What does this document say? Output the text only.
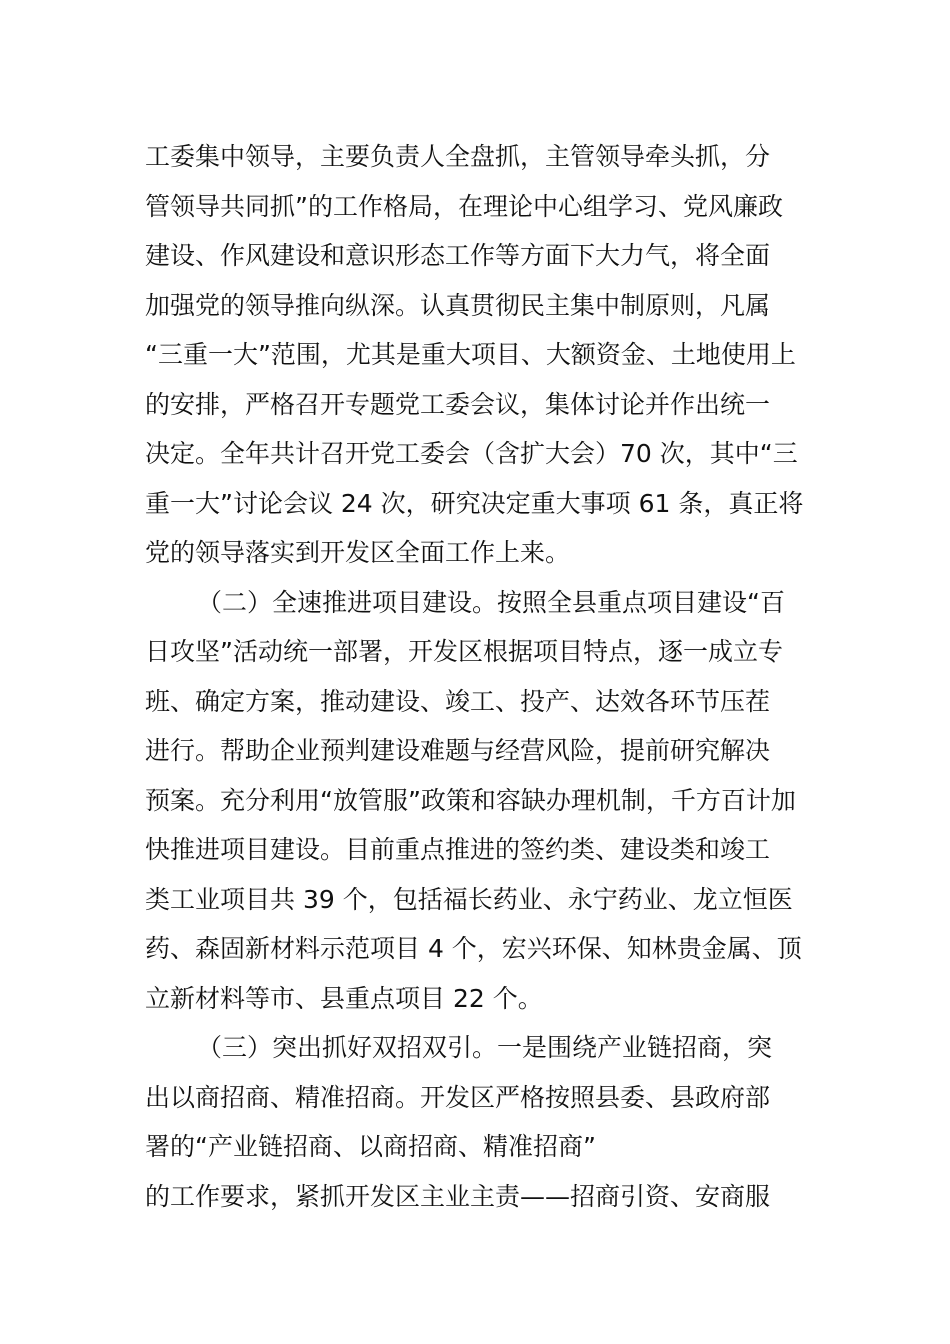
工委集中领导，主要负责人全盘抓，主管领导牵头抓，分
管领导共同抓”的工作格局，在理论中心组学习、党风廉政
建设、作风建设和意识形态工作等方面下大力气，将全面
加强党的领导推向纵深。认真贯彻民主集中制原则，凡属
“三重一大”范围，尤其是重大项目、大额资金、土地使用上
的安排，严格召开专题党工委会议，集体讨论并作出统一
决定。全年共计召开党工委会（含扩大会）70 次，其中“三
重一大”讨论会议 24 次，研究决定重大事项 61 条，真正将
党的领导落实到开发区全面工作上来。
（二）全速推进项目建设。按照全县重点项目建设“百
日攻坚”活动统一部署，开发区根据项目特点，逐一成立专
班、确定方案，推动建设、竣工、投产、达效各环节压茬
进行。帮助企业预判建设难题与经营风险，提前研究解决
预案。充分利用“放管服”政策和容缺办理机制，千方百计加
快推进项目建设。目前重点推进的签约类、建设类和竣工
类工业项目共 39 个，包括福长药业、永宁药业、龙立恒医
药、森固新材料示范项目 4 个，宏兴环保、知林贵金属、顶
立新材料等市、县重点项目 22 个。
（三）突出抓好双招双引。一是围绕产业链招商，突
出以商招商、精准招商。开发区严格按照县委、县政府部
署的“产业链招商、以商招商、精准招商”
的工作要求，紧抓开发区主业主责——招商引资、安商服
